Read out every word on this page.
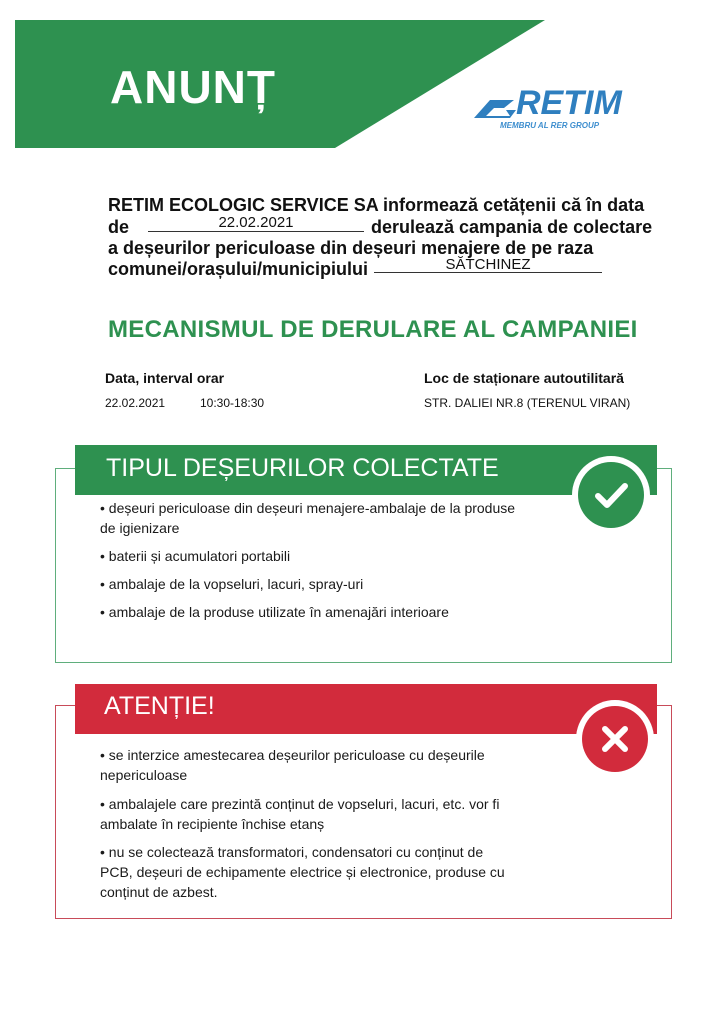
ANUNȚ	RETIM
MEMBRU AL RER GROUP
RETIM ECOLOGIC SERVICE SA informează cetățenii că în data
de	22.02.2021	derulează campania de colectare
a deșeurilor periculoase din deșeuri menajere de pe raza
comunei/orașului/municipiului	SĂTCHINEZ
MECANISMUL DE DERULARE AL CAMPANIEI
Data, interval orar
22.02.2021	10:30-18:30
Loc de staționare autoutilitară
STR. DALIEI NR.8 (TERENUL VIRAN)
TIPUL DEȘEURILOR COLECTATE
• deșeuri periculoase din deșeuri menajere-ambalaje de la produse
de igienizare
• baterii și acumulatori portabili
• ambalaje de la vopseluri, lacuri, spray-uri
• ambalaje de la produse utilizate în amenajări interioare
ATENȚIE!
• se interzice amestecarea deșeurilor periculoase cu deșeurile
nepericuloase
• ambalajele care prezintă conținut de vopseluri, lacuri, etc. vor fi
ambalate în recipiente închise etanș
• nu se colectează transformatori, condensatori cu conținut de
PCB, deșeuri de echipamente electrice și electronice, produse cu
conținut de azbest.
